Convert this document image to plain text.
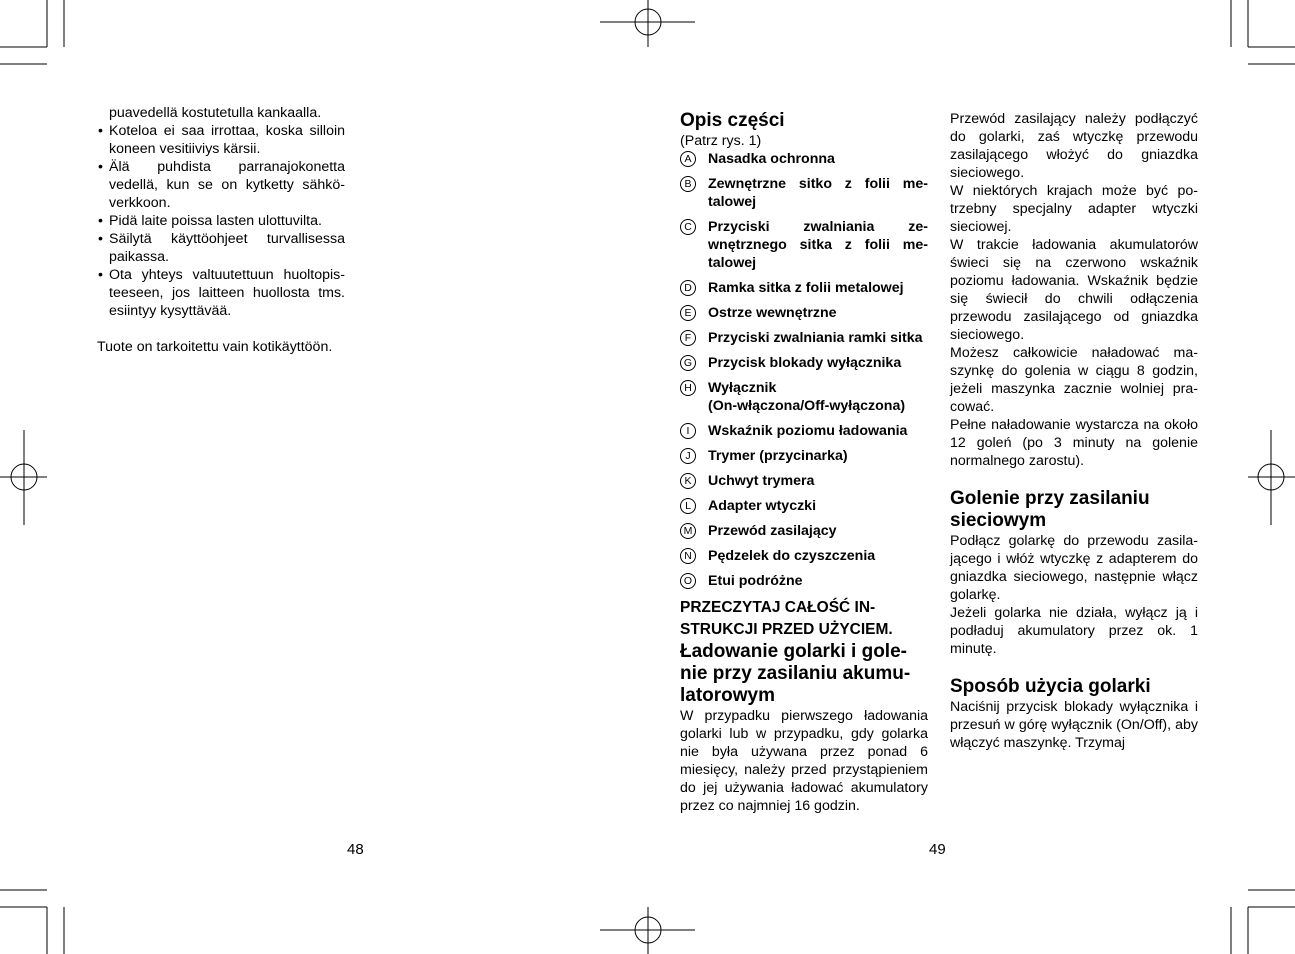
puavedellä kostutetulla kankaalla.

• Koteloa ei saa irrottaa, koska silloin koneen vesitiiviys kärsii.
• Älä puhdista parranajokonetta vedellä, kun se on kytketty sähköverkkoon.
• Pidä laite poissa lasten ulottuvilta.
• Säilytä käyttöohjeet turvallisessa paikassa.
• Ota yhteys valtuutettuun huoltopisteeseen, jos laitteen huollosta tms. esiintyy kysyttävää.

Tuote on tarkoitettu vain kotikäyttöön.

48
Opis części

(Patrz rys. 1)

A	Nasadka ochronna
B	Zewnętrzne sitko z folii metalowej
C Przyciski zwalniania zewnętrznego sitka z folii metalowej
D Ramka sitka z folii metalowej
E	Ostrze wewnętrzne
F	Przyciski zwalniania ramki sitka
G Przycisk blokady wyłącznika
H Wyłącznik
(On-włączona/Off-wyłączona)
I	Wskaźnik poziomu ładowania
J	Trymer (przycinarka)
K	Uchwyt trymera
L	Adapter wtyczki
M Przewód zasilający
N Pędzelek do czyszczenia
O Etui podróżne

PRZECZYTAJ CAŁOŚĆ INSTRUKCJI PRZED UŻYCIEM.

Ładowanie golarki i golenie przy zasilaniu akumulatorowym

W przypadku pierwszego ładowania golarki lub w przypadku, gdy golarka nie była używana przez ponad 6 miesięcy, należy przed przystąpieniem do jej używania ładować akumulatory przez co najmniej 16 godzin.

Przewód zasilający należy podłączyć do golarki, zaś wtyczkę przewodu zasilającego włożyć do gniazdka sieciowego.

W niektórych krajach może być potrzebny specjalny adapter wtyczki sieciowej.

W trakcie ładowania akumulatorów świeci się na czerwono wskaźnik poziomu ładowania. Wskaźnik będzie się świecił do chwili odłączenia przewodu zasilającego od gniazdka sieciowego.

Możesz całkowicie naładować maszynkę do golenia w ciągu 8 godzin, jeżeli maszynka zacznie wolniej pracować.

Pełne naładowanie wystarcza na około 12 goleń (po 3 minuty na golenie normalnego zarostu).

Golenie przy zasilaniu sieciowym

Podłącz golarkę do przewodu zasilającego i włóż wtyczkę z adapterem do gniazdka sieciowego, następnie włącz golarkę.

Jeżeli golarka nie działa, wyłącz ją i podładuj akumulatory przez ok. 1 minutę.

Sposób użycia golarki

Naciśnij przycisk blokady wyłącznika i przesuń w górę wyłącznik (On/Off), aby włączyć maszynkę. Trzymaj

49
